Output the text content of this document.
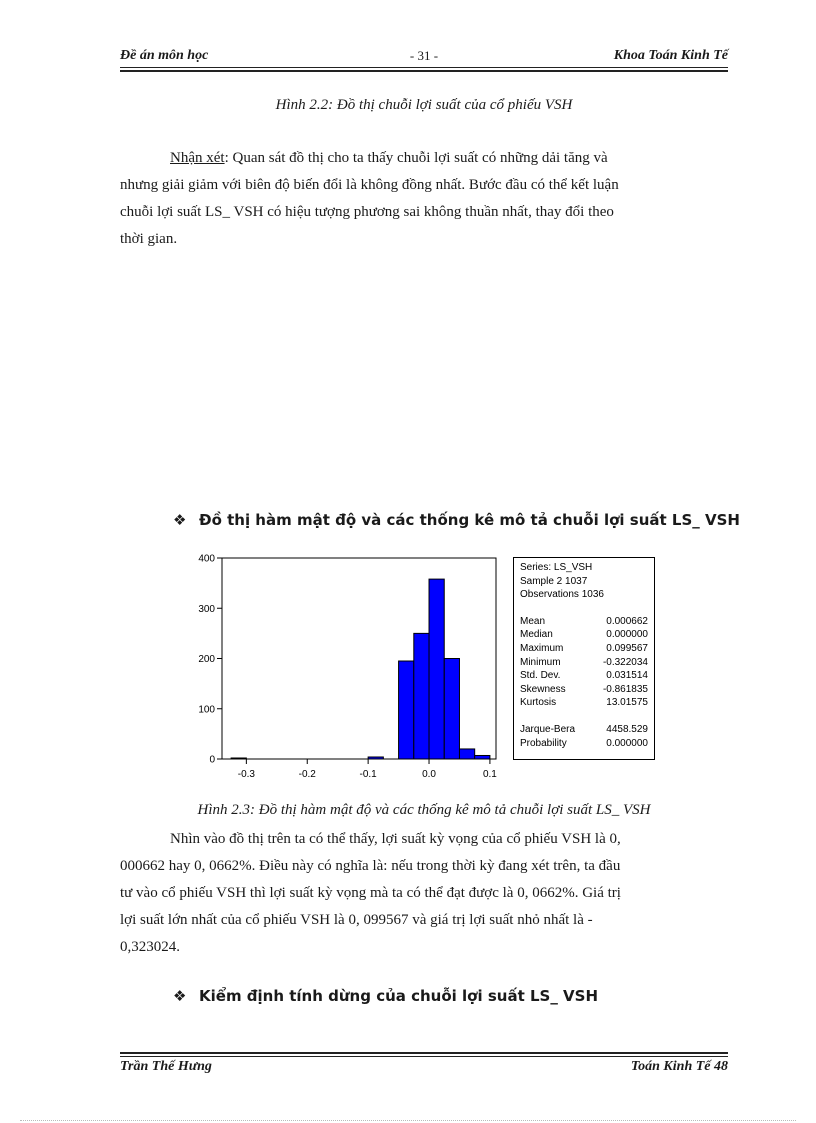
Đề án môn học	- 31 -	Khoa Toán Kinh Tế
Hình 2.2: Đồ thị chuỗi lợi suất của cổ phiếu VSH
Nhận xét: Quan sát đồ thị cho ta thấy chuỗi lợi suất có những dải tăng và
nhưng giải giảm với biên độ biến đổi là không đồng nhất. Bước đầu có thể kết luận
chuỗi lợi suất LS_ VSH có hiệu tượng phương sai không thuần nhất, thay đổi theo
thời gian.
❖ Đồ thị hàm mật độ và các thống kê mô tả chuỗi lợi suất LS_ VSH
0
100
200
300
400
-0.3	-0.2	-0.1	0.0	0.1
Series: LS_VSH
Sample 2 1037
Observations 1036
Mean	0.000662
Median	0.000000
Maximum	0.099567
Minimum	-0.322034
Std. Dev.	0.031514
Skewness	-0.861835
Kurtosis	13.01575
Jarque-Bera	4458.529
Probability	0.000000
Hình 2.3: Đồ thị hàm mật độ và các thống kê mô tả chuỗi lợi suất LS_ VSH
Nhìn vào đồ thị trên ta có thể thấy, lợi suất kỳ vọng của cổ phiếu VSH là 0,
000662 hay 0, 0662%. Điều này có nghĩa là: nếu trong thời kỳ đang xét trên, ta đầu
tư vào cổ phiếu VSH thì lợi suất kỳ vọng mà ta có thể đạt được là 0, 0662%. Giá trị
lợi suất lớn nhất của cổ phiếu VSH là 0, 099567 và giá trị lợi suất nhỏ nhất là -
0,323024.
❖ Kiểm định tính dừng của chuỗi lợi suất LS_ VSH
Trần Thế Hưng	Toán Kinh Tế 48
